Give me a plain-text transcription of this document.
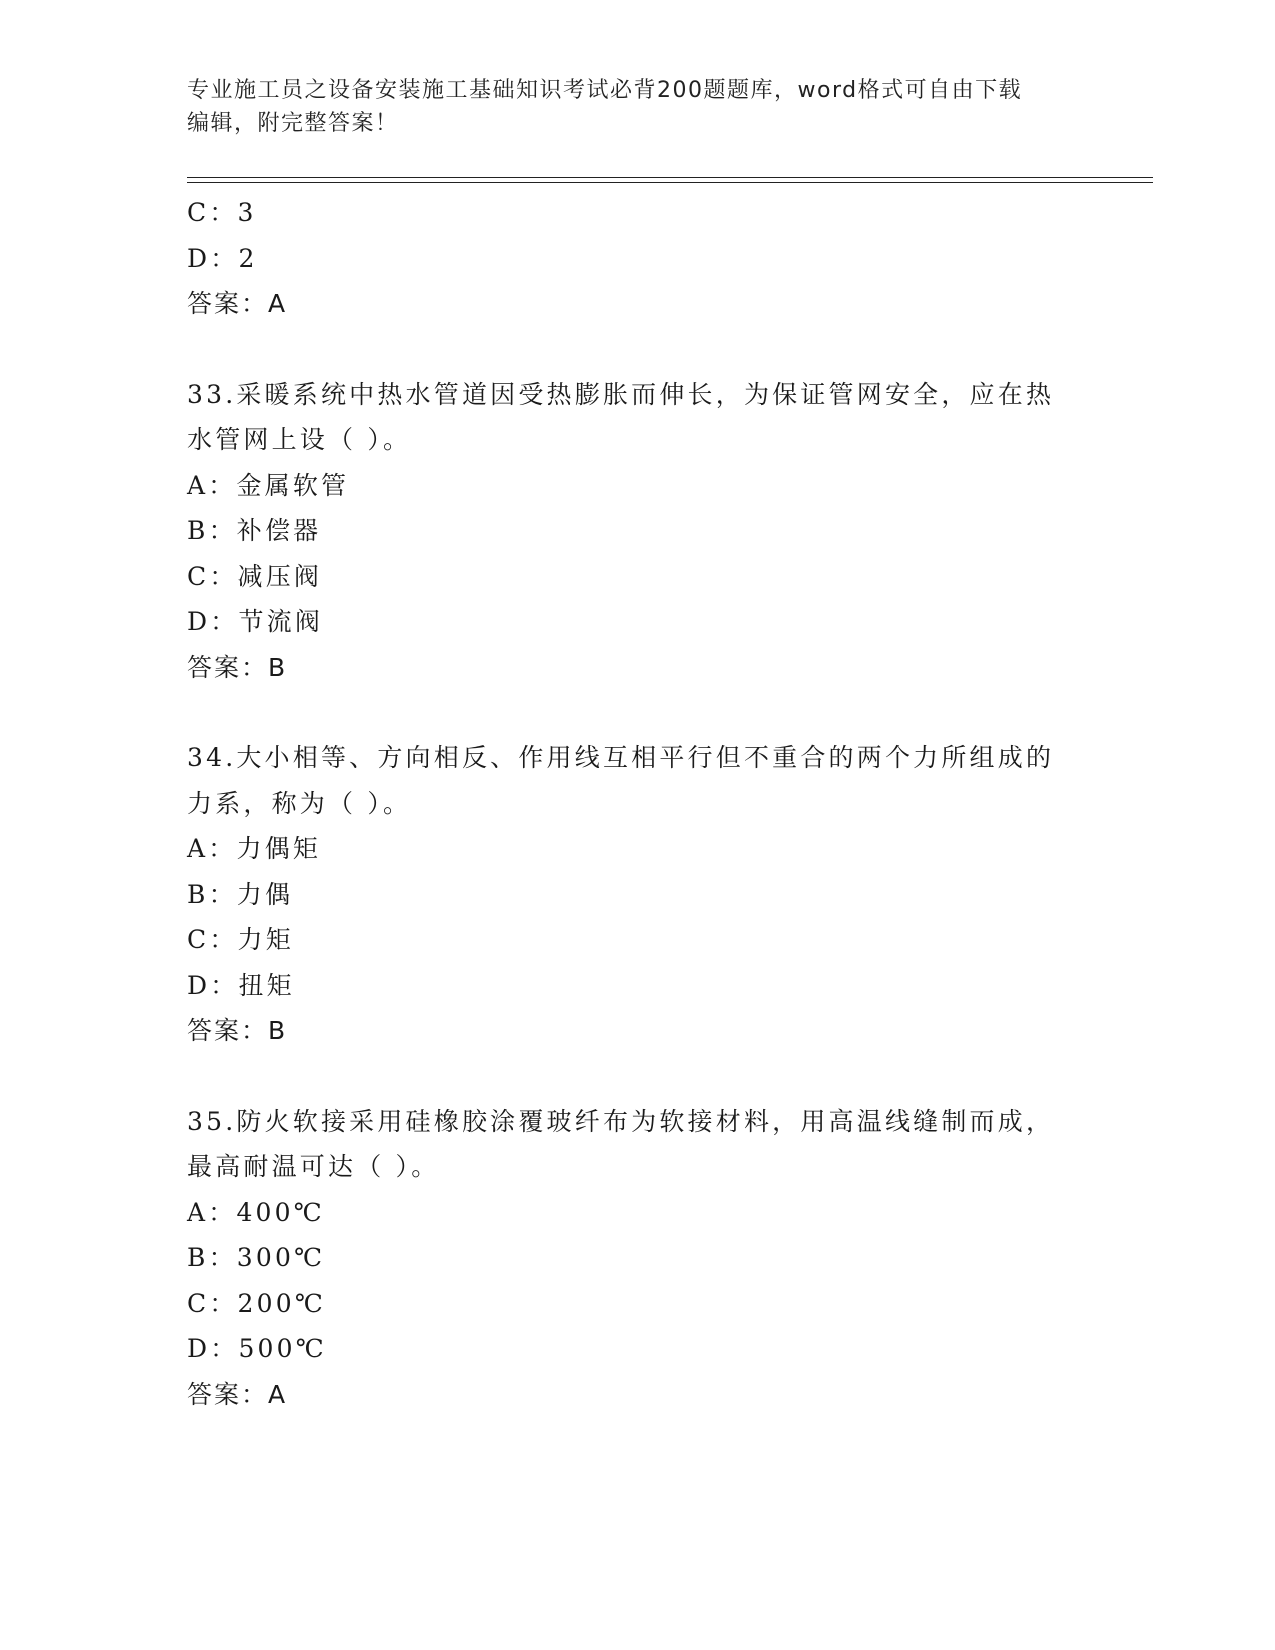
专业施工员之设备安装施工基础知识考试必背200题题库，word格式可自由下载
编辑，附完整答案！
C：3
D：2
答案：A
33.采暖系统中热水管道因受热膨胀而伸长，为保证管网安全，应在热
水管网上设（ ）。
A：金属软管
B：补偿器
C：减压阀
D：节流阀
答案：B
34.大小相等、方向相反、作用线互相平行但不重合的两个力所组成的
力系，称为（ ）。
A：力偶矩
B：力偶
C：力矩
D：扭矩
答案：B
35.防火软接采用硅橡胶涂覆玻纤布为软接材料，用高温线缝制而成，
最高耐温可达（ ）。
A：400℃
B：300℃
C：200℃
D：500℃
答案：A
